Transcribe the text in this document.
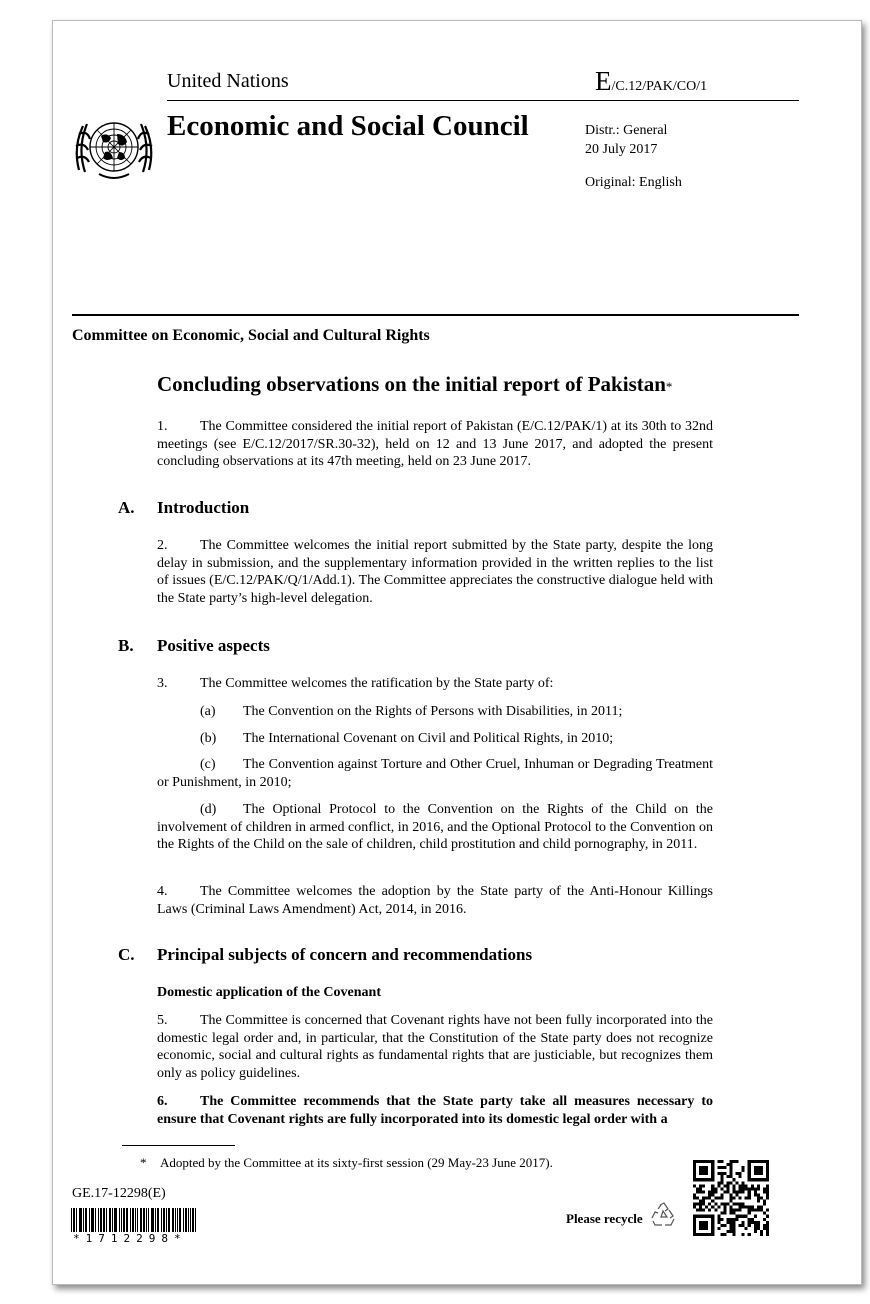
United Nations	E/C.12/PAK/CO/1
Economic and Social Council	Distr.: General
20 July 2017
Original: English
Committee on Economic, Social and Cultural Rights
Concluding observations on the initial report of Pakistan*
1. The Committee considered the initial report of Pakistan (E/C.12/PAK/1) at its 30th to 32nd meetings (see E/C.12/2017/SR.30-32), held on 12 and 13 June 2017, and adopted the present concluding observations at its 47th meeting, held on 23 June 2017.
A. Introduction
2. The Committee welcomes the initial report submitted by the State party, despite the long delay in submission, and the supplementary information provided in the written replies to the list of issues (E/C.12/PAK/Q/1/Add.1). The Committee appreciates the constructive dialogue held with the State party’s high-level delegation.
B. Positive aspects
3. The Committee welcomes the ratification by the State party of:
(a) The Convention on the Rights of Persons with Disabilities, in 2011;
(b) The International Covenant on Civil and Political Rights, in 2010;
(c) The Convention against Torture and Other Cruel, Inhuman or Degrading Treatment or Punishment, in 2010;
(d) The Optional Protocol to the Convention on the Rights of the Child on the involvement of children in armed conflict, in 2016, and the Optional Protocol to the Convention on the Rights of the Child on the sale of children, child prostitution and child pornography, in 2011.
4. The Committee welcomes the adoption by the State party of the Anti-Honour Killings Laws (Criminal Laws Amendment) Act, 2014, in 2016.
C. Principal subjects of concern and recommendations
Domestic application of the Covenant
5. The Committee is concerned that Covenant rights have not been fully incorporated into the domestic legal order and, in particular, that the Constitution of the State party does not recognize economic, social and cultural rights as fundamental rights that are justiciable, but recognizes them only as policy guidelines.
6. The Committee recommends that the State party take all measures necessary to ensure that Covenant rights are fully incorporated into its domestic legal order with a
* Adopted by the Committee at its sixty-first session (29 May-23 June 2017).
GE.17-12298(E)
*1712298*
Please recycle
